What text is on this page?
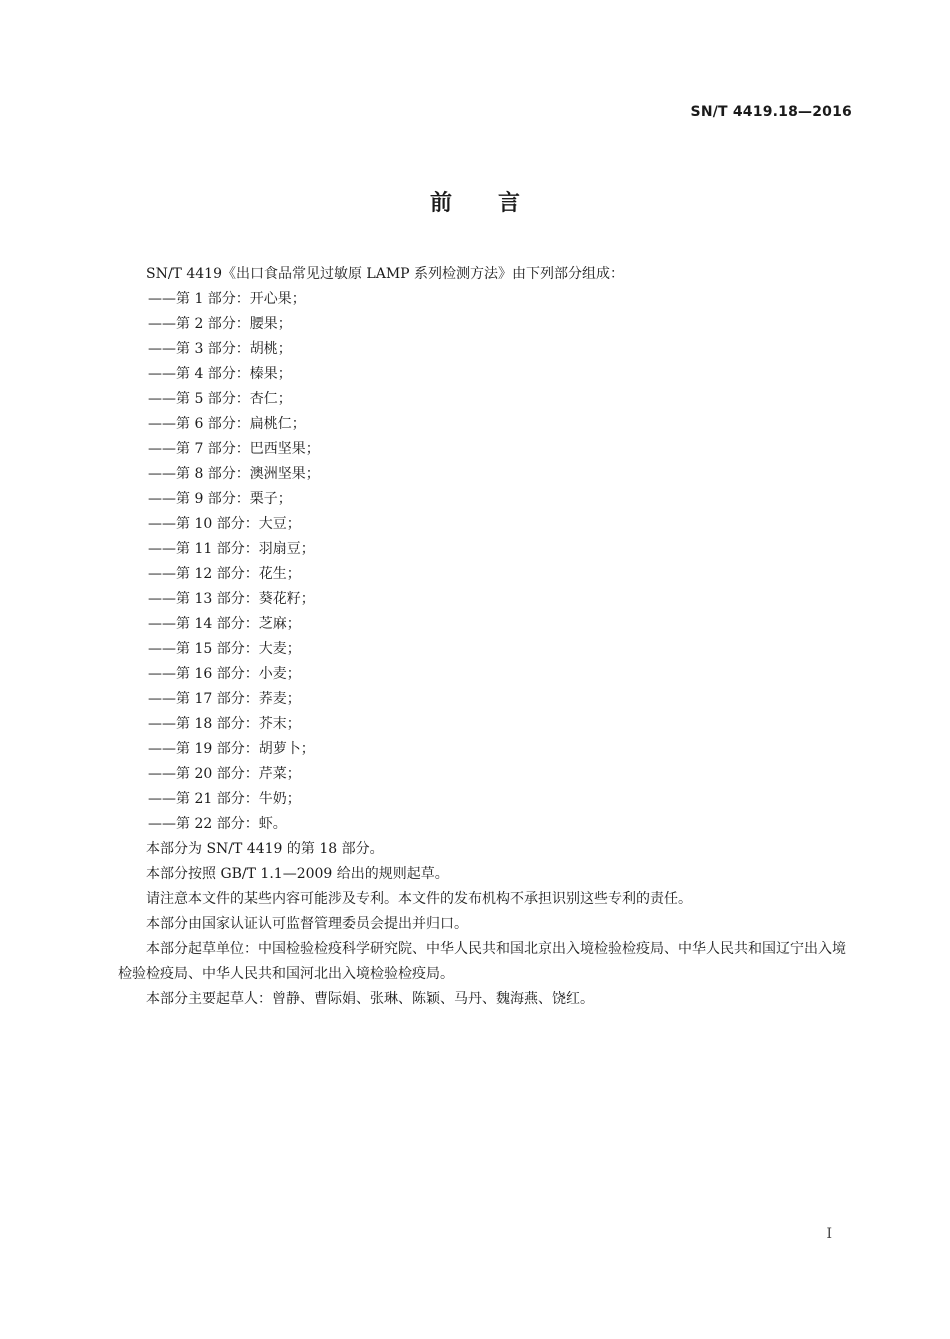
SN/T 4419.18—2016
前言
SN/T 4419《出口食品常见过敏原 LAMP 系列检测方法》由下列部分组成：
——第 1 部分：开心果；
——第 2 部分：腰果；
——第 3 部分：胡桃；
——第 4 部分：榛果；
——第 5 部分：杏仁；
——第 6 部分：扁桃仁；
——第 7 部分：巴西坚果；
——第 8 部分：澳洲坚果；
——第 9 部分：栗子；
——第 10 部分：大豆；
——第 11 部分：羽扇豆；
——第 12 部分：花生；
——第 13 部分：葵花籽；
——第 14 部分：芝麻；
——第 15 部分：大麦；
——第 16 部分：小麦；
——第 17 部分：荞麦；
——第 18 部分：芥末；
——第 19 部分：胡萝卜；
——第 20 部分：芹菜；
——第 21 部分：牛奶；
——第 22 部分：虾。
本部分为 SN/T 4419 的第 18 部分。
本部分按照 GB/T 1.1—2009 给出的规则起草。
请注意本文件的某些内容可能涉及专利。本文件的发布机构不承担识别这些专利的责任。
本部分由国家认证认可监督管理委员会提出并归口。
本部分起草单位：中国检验检疫科学研究院、中华人民共和国北京出入境检验检疫局、中华人民共和国辽宁出入境检验检疫局、中华人民共和国河北出入境检验检疫局。
本部分主要起草人：曾静、曹际娟、张琳、陈颖、马丹、魏海燕、饶红。
I
